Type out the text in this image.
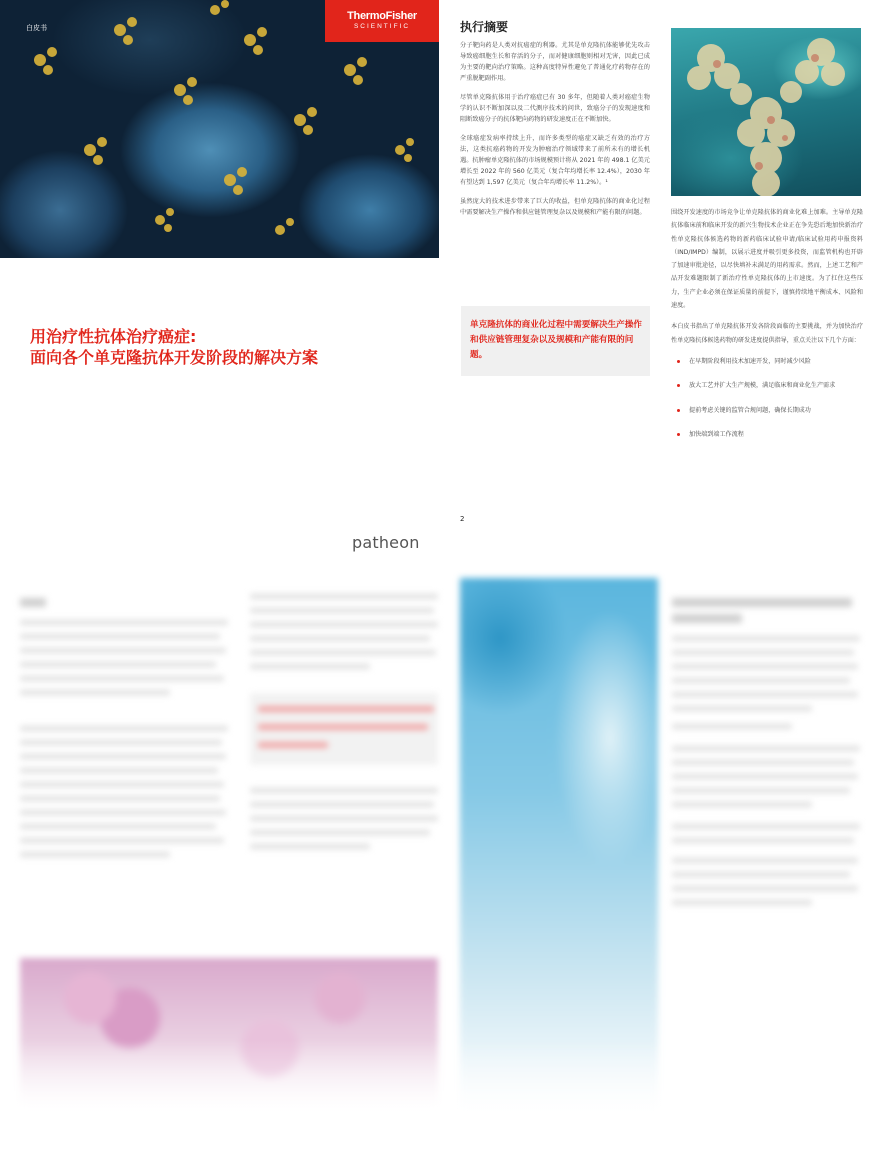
白皮书
ThermoFisher
SCIENTIFIC
用治疗性抗体治疗癌症:
面向各个单克隆抗体开发阶段的解决方案
执行摘要

分子靶向药是人类对抗癌症的利器。尤其是单克隆抗体能够优先攻击导致癌细胞生长和存活的分子，而对健康细胞则相对无害，因此已成为主要的靶向治疗策略。这种高度特异性避免了普通化疗药物存在的严重脱靶副作用。

尽管单克隆抗体用于治疗癌症已有 30 多年，但随着人类对癌症生物学的认识不断加深以及二代测序技术的问世，致癌分子的发现速度和阻断致癌分子的抗体靶向药物的研发速度正在不断加快。

全球癌症发病率持续上升，而许多类型的癌症又缺乏有效的治疗方法，这类抗癌药物的开发为肿瘤治疗领域带来了前所未有的增长机遇。抗肿瘤单克隆抗体的市场规模预计将从 2021 年的 498.1 亿美元增长至 2022 年的 560 亿美元（复合年均增长率 12.4%），2030 年有望达到 1,597 亿美元（复合年均增长率 11.2%）。¹

虽然庞大的技术进步带来了巨大的收益，但单克隆抗体的商业化过程中需要解决生产操作和供应链管理复杂以及规模和产能有限的问题。

单克隆抗体的商业化过程中需要解决生产操作和供应链管理复杂以及规模和产能有限的问题。

围绕开发速度的市场竞争让单克隆抗体的商业化难上加难。主导单克隆抗体临床前和临床开发的新兴生物技术企业正在争先恐后地加快新治疗性单克隆抗体候选药物的新药临床试验申请/临床试验用药申报资料（IND/IMPD）编制，以展示进度并吸引更多投资，而监管机构也开辟了加速审批途径，以尽快填补未满足的用药需求。然而，上述工艺和产品开发难题限制了新治疗性单克隆抗体的上市速度。为了扛住这些压力，生产企业必须在保证质量的前提下，谨慎持续地平衡成本、风险和速度。

本白皮书指出了单克隆抗体开发各阶段面临的主要挑战，并为加快治疗性单克隆抗体候选药物的研发进度提供指导，重点关注以下几个方面：

在早期阶段利用技术加速开发，同时减少风险
放大工艺并扩大生产规模，满足临床和商业化生产需求
提前考虑关键的监管合规问题，确保长期成功
加快端到端工作流程
2
patheon
